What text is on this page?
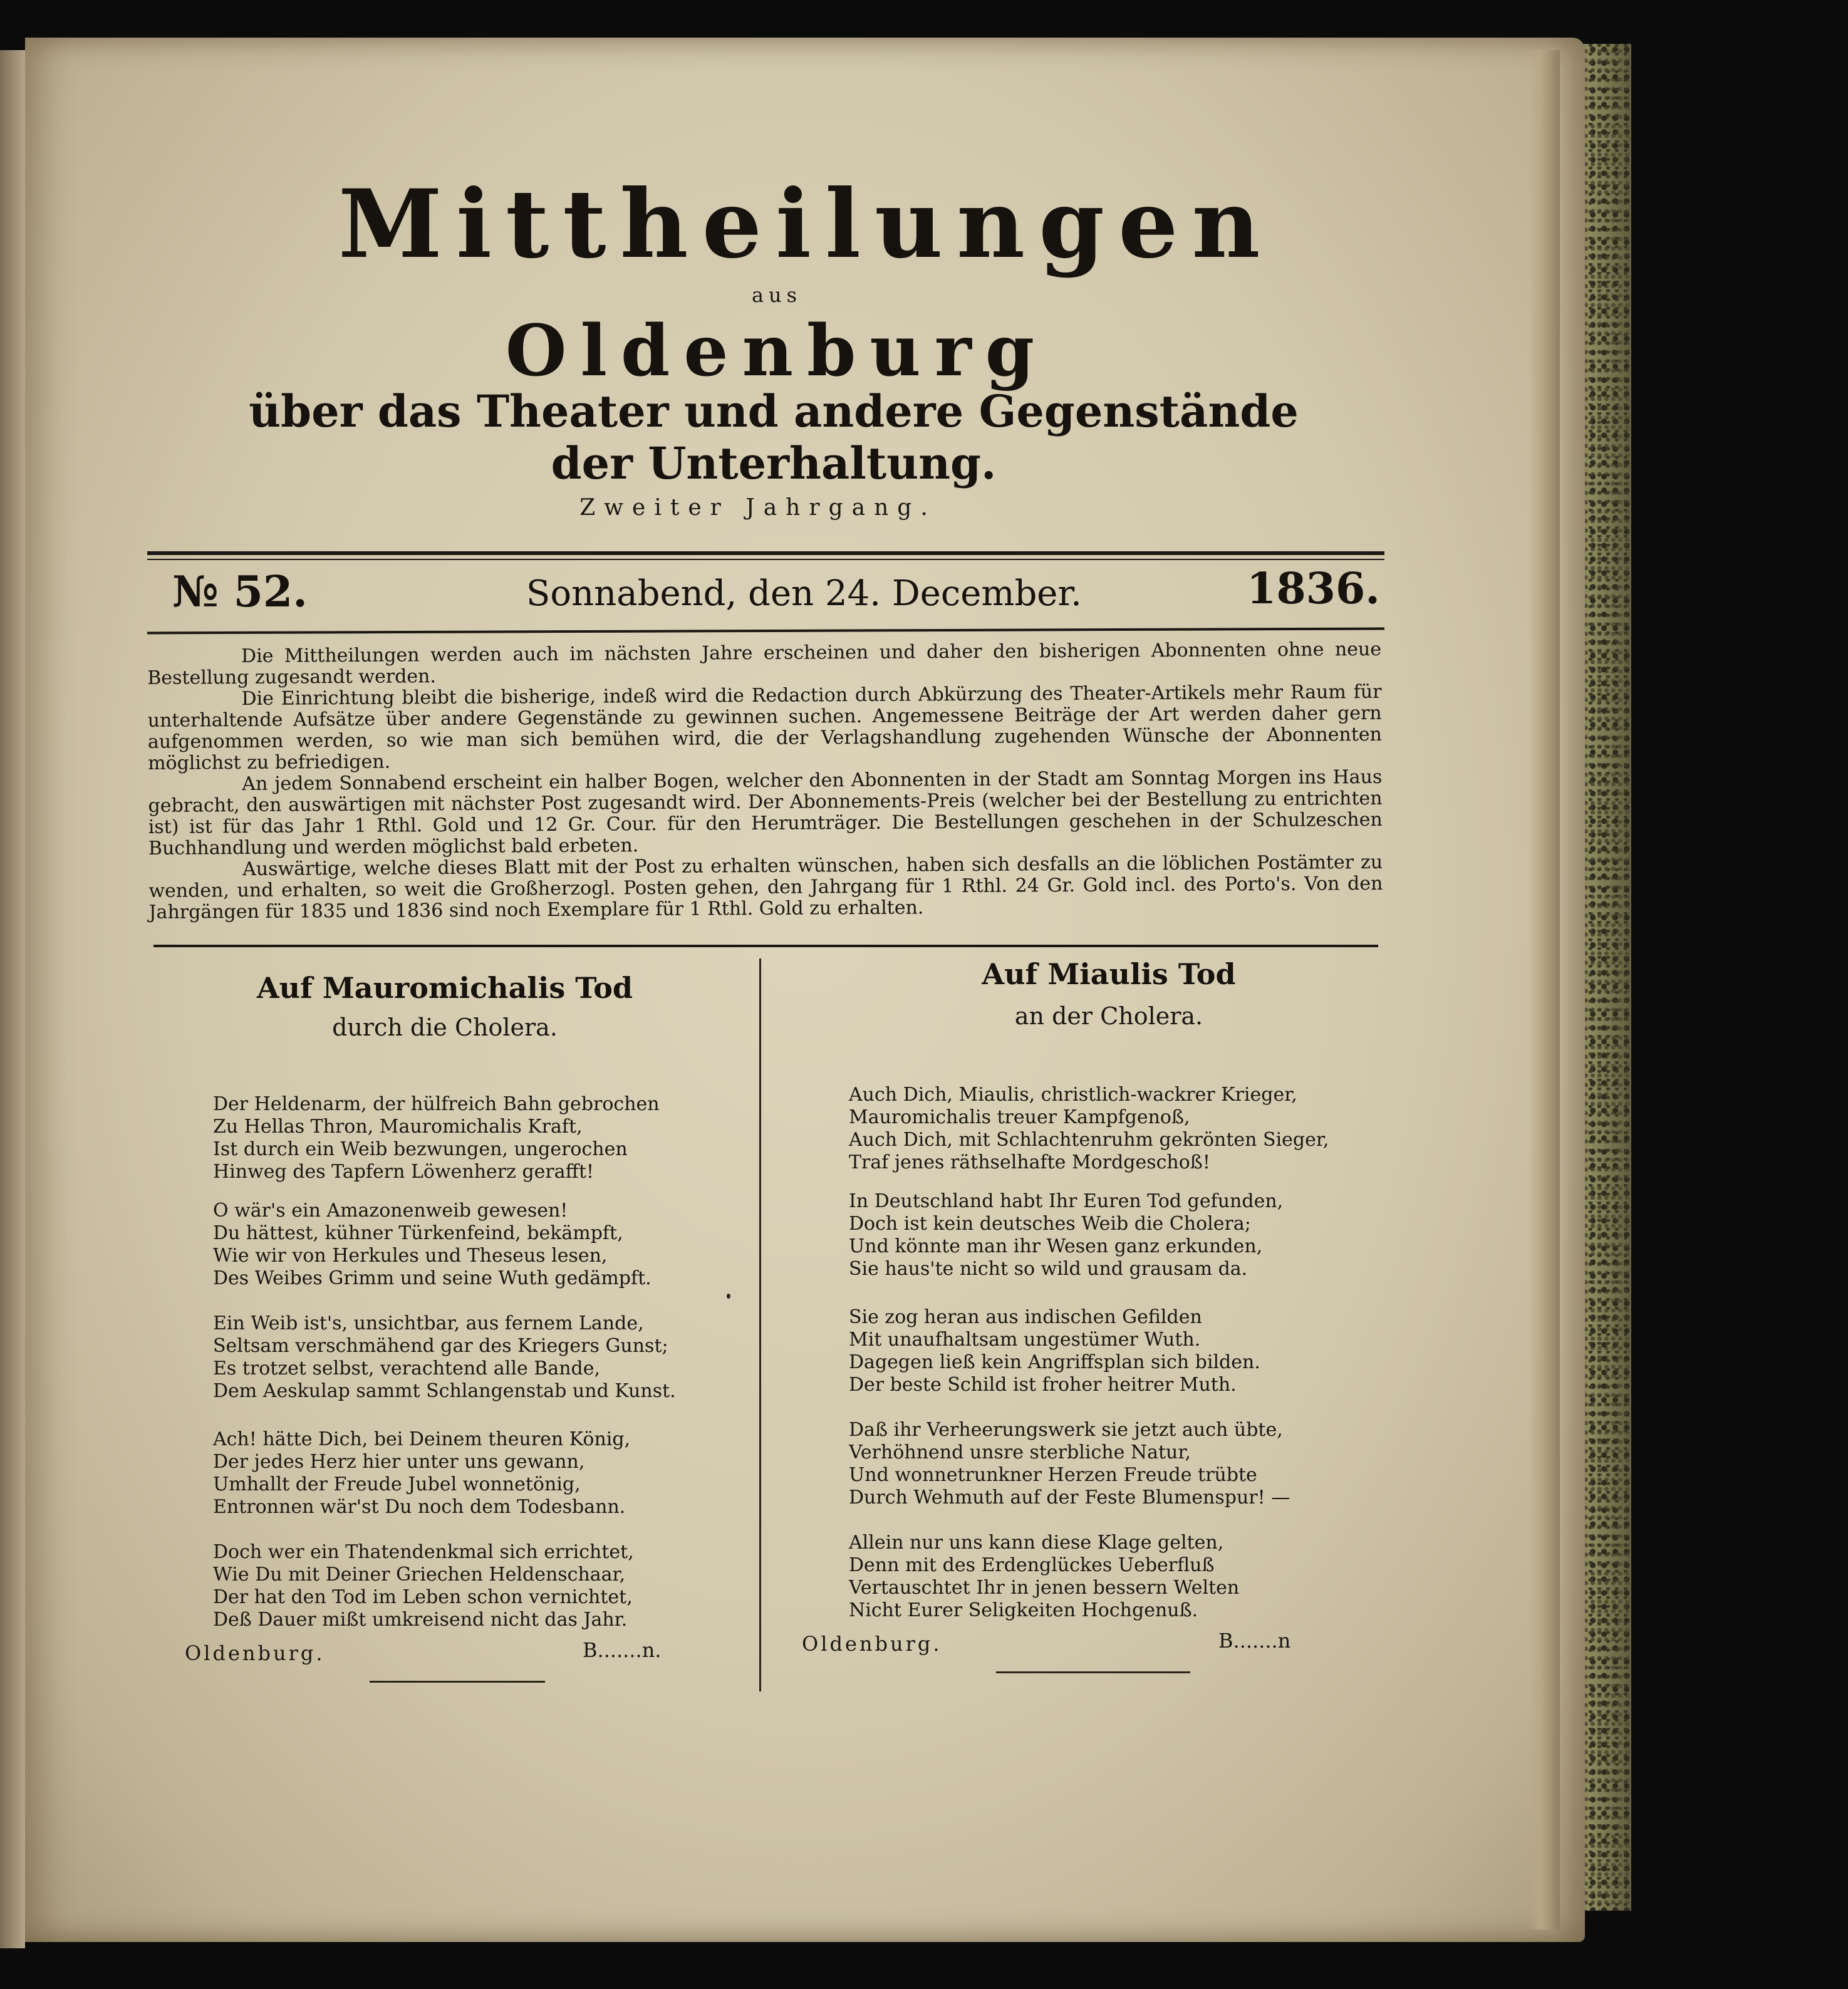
Mittheilungen
aus
Oldenburg
über das Theater und andere Gegenstände der Unterhaltung.
Zweiter Jahrgang.
№ 52.	Sonnabend, den 24. December.	1836.

Die Mittheilungen werden auch im nächsten Jahre erscheinen und daher den bisherigen Abonnenten ohne neue Bestellung zugesandt werden.

Die Einrichtung bleibt die bisherige, indeß wird die Redaction durch Abkürzung des Theater-Artikels mehr Raum für unterhaltende Aufsätze über andere Gegenstände zu gewinnen suchen. Angemessene Beiträge der Art werden daher gern aufgenommen werden, so wie man sich bemühen wird, die der Verlagshandlung zugehenden Wünsche der Abonnenten möglichst zu befriedigen.

An jedem Sonnabend erscheint ein halber Bogen, welcher den Abonnenten in der Stadt am Sonntag Morgen ins Haus gebracht, den auswärtigen mit nächster Post zugesandt wird. Der Abonnements-Preis (welcher bei der Bestellung zu entrichten ist) ist für das Jahr 1 Rthl. Gold und 12 Gr. Cour. für den Herumträger. Die Bestellungen geschehen in der Schulzeschen Buchhandlung und werden möglichst bald erbeten.

Auswärtige, welche dieses Blatt mit der Post zu erhalten wünschen, haben sich desfalls an die löblichen Postämter zu wenden, und erhalten, so weit die Großherzogl. Posten gehen, den Jahrgang für 1 Rthl. 24 Gr. Gold incl. des Porto's. Von den Jahrgängen für 1835 und 1836 sind noch Exemplare für 1 Rthl. Gold zu erhalten.

Auf Mauromichalis Tod
durch die Cholera.
Der Heldenarm, der hülfreich Bahn gebrochen
Zu Hellas Thron, Mauromichalis Kraft,
Ist durch ein Weib bezwungen, ungerochen
Hinweg des Tapfern Löwenherz gerafft!
O wär's ein Amazonenweib gewesen!
Du hättest, kühner Türkenfeind, bekämpft,
Wie wir von Herkules und Theseus lesen,
Des Weibes Grimm und seine Wuth gedämpft.
Ein Weib ist's, unsichtbar, aus fernem Lande,
Seltsam verschmähend gar des Kriegers Gunst;
Es trotzet selbst, verachtend alle Bande,
Dem Aeskulap sammt Schlangenstab und Kunst.
Ach! hätte Dich, bei Deinem theuren König,
Der jedes Herz hier unter uns gewann,
Umhallt der Freude Jubel wonnetönig,
Entronnen wär'st Du noch dem Todesbann.
Doch wer ein Thatendenkmal sich errichtet,
Wie Du mit Deiner Griechen Heldenschaar,
Der hat den Tod im Leben schon vernichtet,
Deß Dauer mißt umkreisend nicht das Jahr.
Oldenburg.	B.......n.
Auf Miaulis Tod
an der Cholera.
Auch Dich, Miaulis, christlich-wackrer Krieger,
Mauromichalis treuer Kampfgenoß,
Auch Dich, mit Schlachtenruhm gekrönten Sieger,
Traf jenes räthselhafte Mordgeschoß!
In Deutschland habt Ihr Euren Tod gefunden,
Doch ist kein deutsches Weib die Cholera;
Und könnte man ihr Wesen ganz erkunden,
Sie haus'te nicht so wild und grausam da.
Sie zog heran aus indischen Gefilden
Mit unaufhaltsam ungestümer Wuth.
Dagegen ließ kein Angriffsplan sich bilden.
Der beste Schild ist froher heitrer Muth.
Daß ihr Verheerungswerk sie jetzt auch übte,
Verhöhnend unsre sterbliche Natur,
Und wonnetrunkner Herzen Freude trübte
Durch Wehmuth auf der Feste Blumenspur! —
Allein nur uns kann diese Klage gelten,
Denn mit des Erdenglückes Ueberfluß
Vertauschtet Ihr in jenen bessern Welten
Nicht Eurer Seligkeiten Hochgenuß.
Oldenburg.	B.......n
